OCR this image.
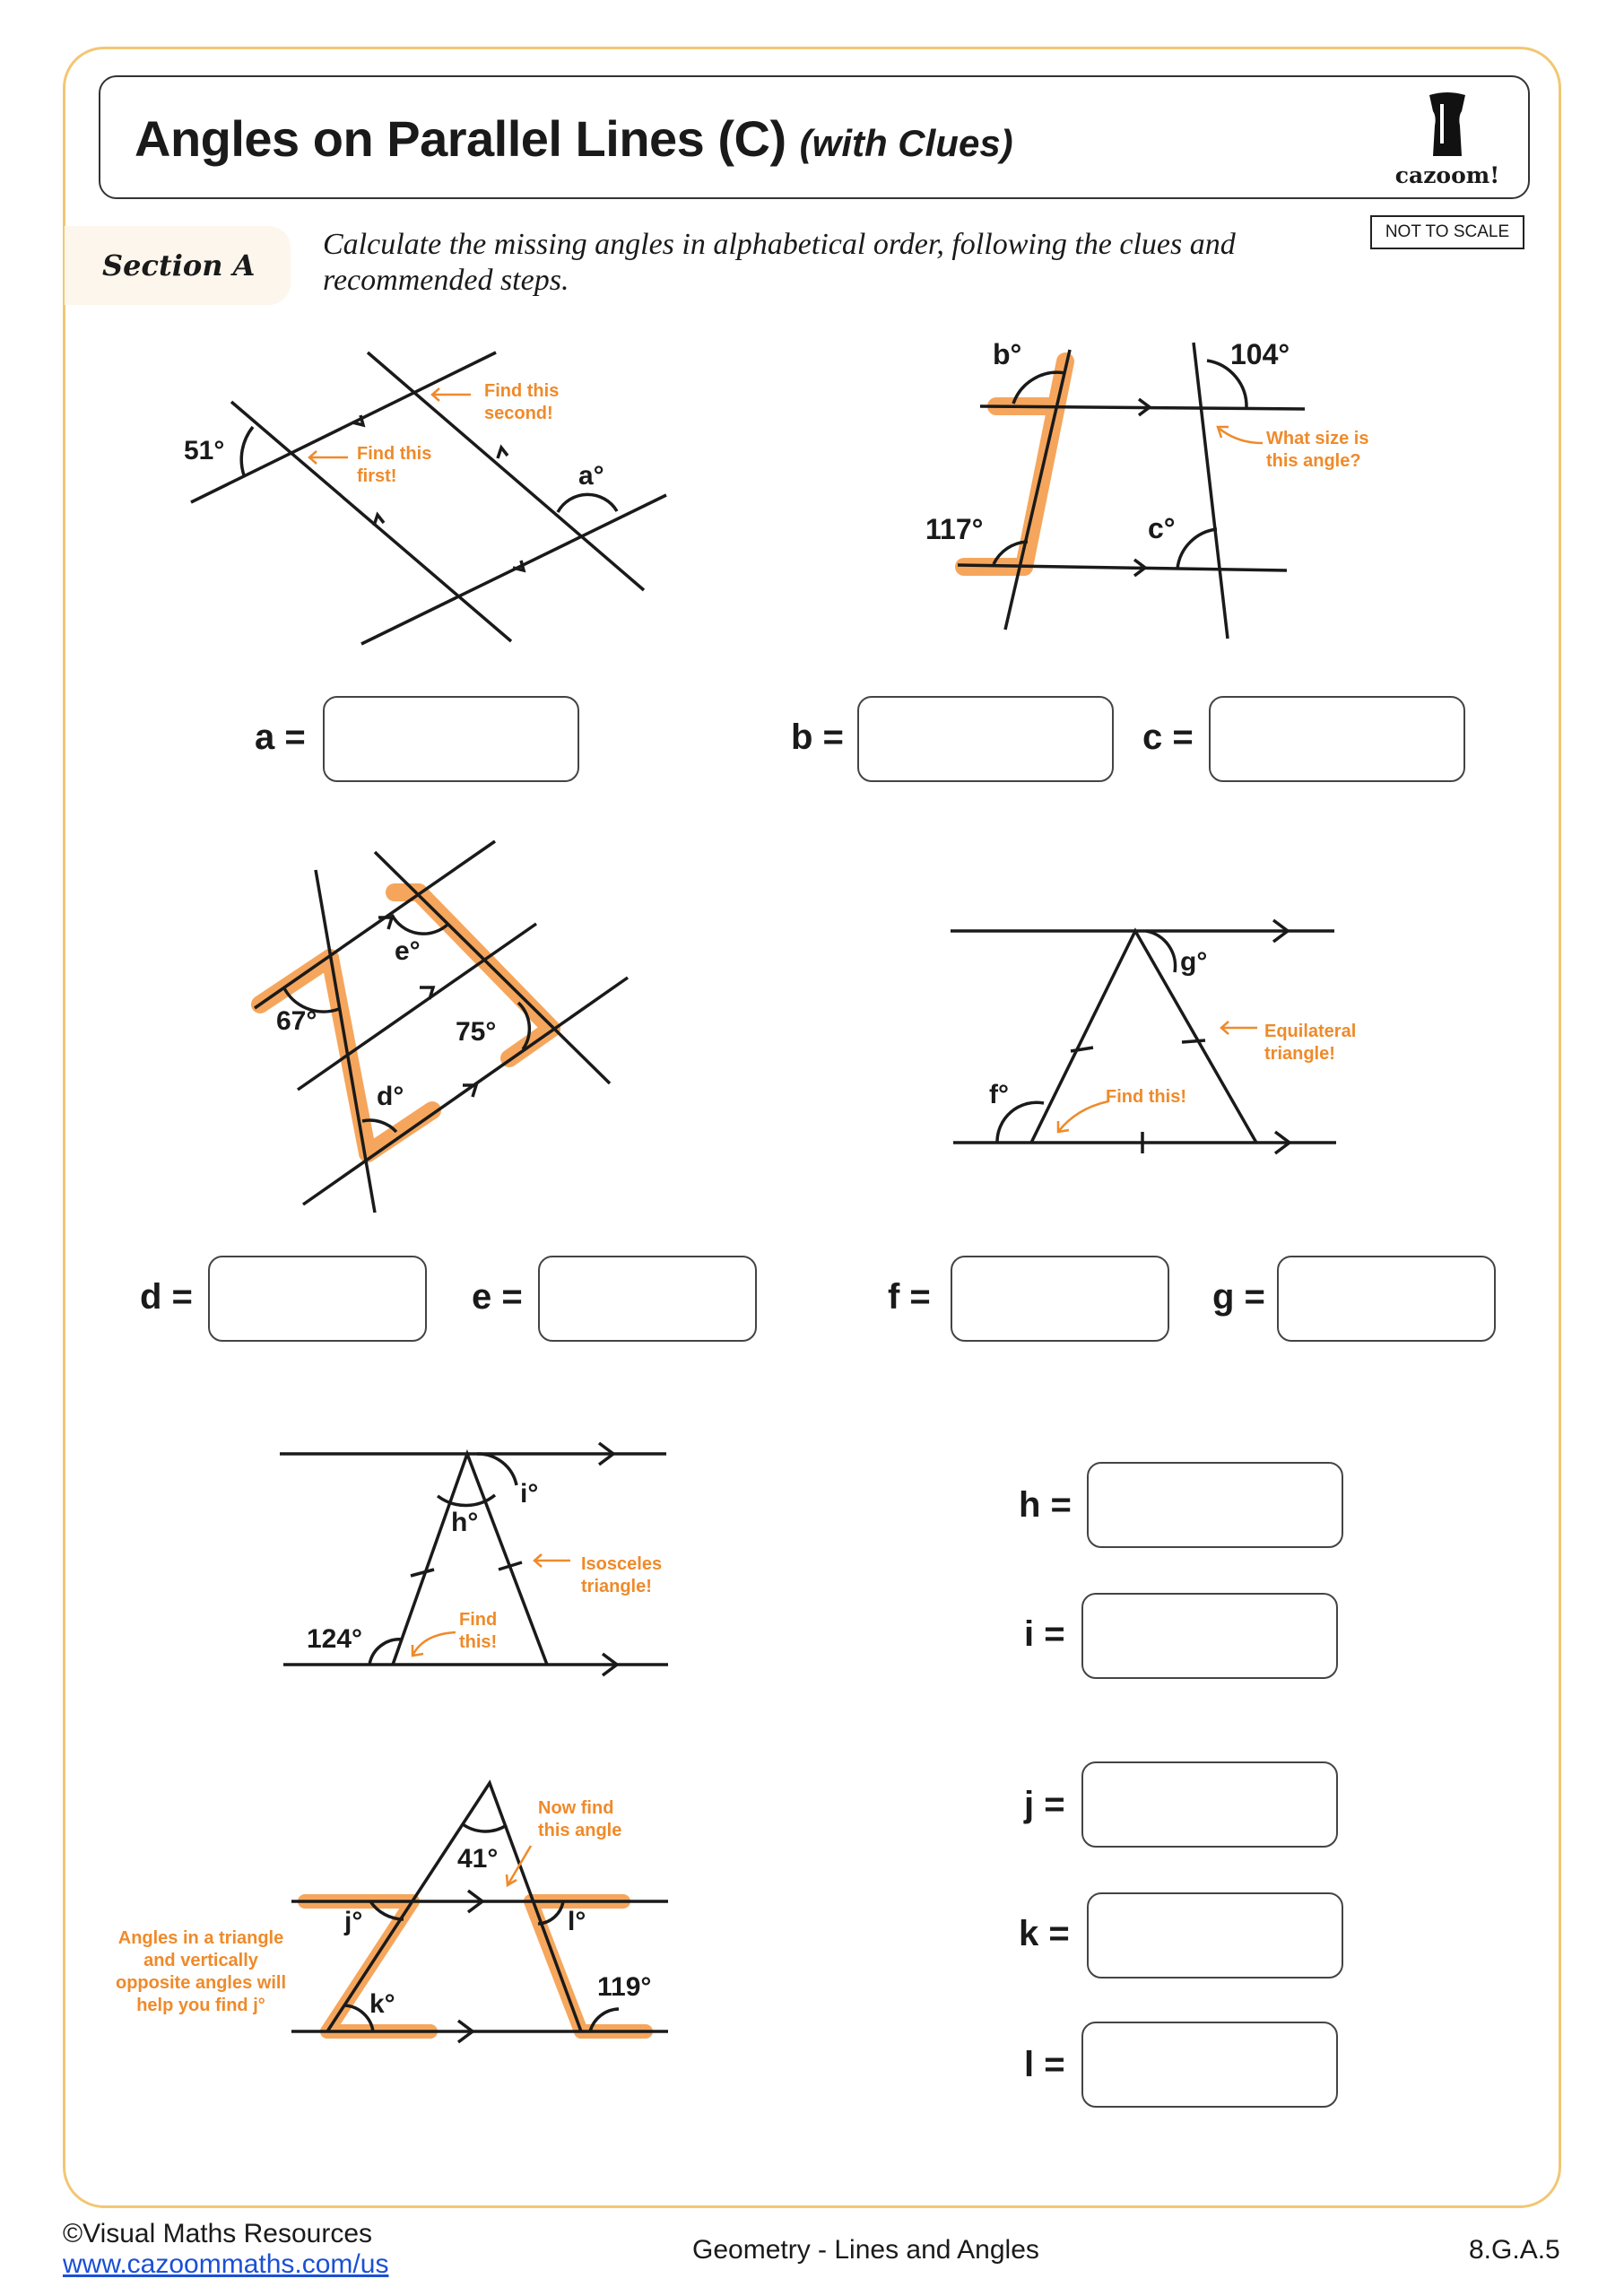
Angles on Parallel Lines (C) (with Clues)
cazoom!
NOT TO SCALE
Section A
Calculate the missing angles in alphabetical order, following the clues and recommended steps.
51°
a°
Find this
first!
Find this
second!
b°	104°
117°	c°
What size is
this angle?
e°
67°	75°
d°
g°
f°
Equilateral
triangle!
Find this!
h°
i°
124°
Isosceles
triangle!
Find
this!
41°
j°	l°
k°
119°
Now find
this angle
Angles in a triangle
and vertically
opposite angles will
help you find j°
a =	b =	c =
d =	e =	f =	g =
h =
i =
j =
k =
l =
©Visual Maths Resources
www.cazoommaths.com/us	Geometry - Lines and Angles	8.G.A.5
